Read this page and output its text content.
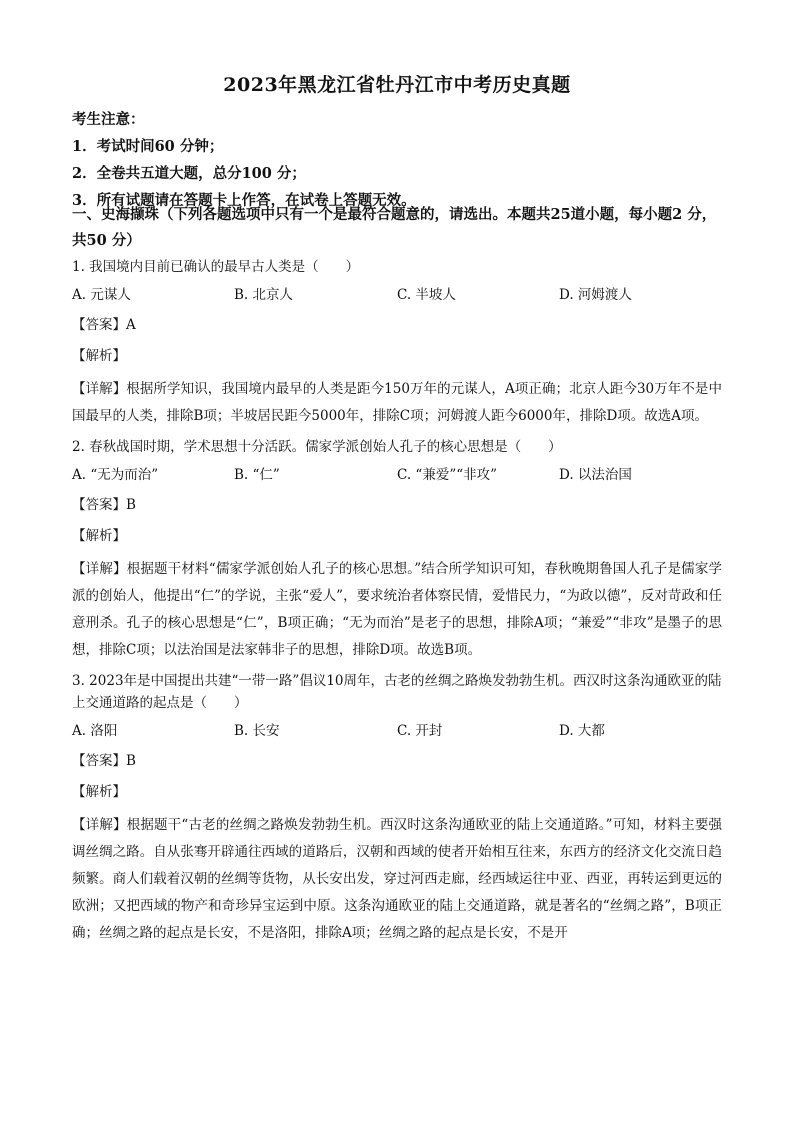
2023年黑龙江省牡丹江市中考历史真题
考生注意：
1．考试时间60 分钟；
2．全卷共五道大题，总分100 分；
3．所有试题请在答题卡上作答，在试卷上答题无效。
一、史海撷珠（下列各题选项中只有一个是最符合题意的，请选出。本题共25道小题，每小题2 分，共50 分）
1. 我国境内目前已确认的最早古人类是（　　）
A. 元谋人	B. 北京人	C. 半坡人	D. 河姆渡人
【答案】A
【解析】
【详解】根据所学知识，我国境内最早的人类是距今150万年的元谋人，A项正确；北京人距今30万年不是中国最早的人类，排除B项；半坡居民距今5000年，排除C项；河姆渡人距今6000年，排除D项。故选A项。
2. 春秋战国时期，学术思想十分活跃。儒家学派创始人孔子的核心思想是（　　）
A. “无为而治”	B. “仁”	C. “兼爱”“非攻”	D. 以法治国
【答案】B
【解析】
【详解】根据题干材料“儒家学派创始人孔子的核心思想。”结合所学知识可知，春秋晚期鲁国人孔子是儒家学派的创始人，他提出“仁”的学说，主张“爱人”，要求统治者体察民情，爱惜民力，“为政以德”，反对苛政和任意刑杀。孔子的核心思想是“仁”，B项正确；“无为而治”是老子的思想，排除A项；“兼爱”“非攻”是墨子的思想，排除C项；以法治国是法家韩非子的思想，排除D项。故选B项。
3. 2023年是中国提出共建“一带一路”倡议10周年，古老的丝绸之路焕发勃勃生机。西汉时这条沟通欧亚的陆上交通道路的起点是（　　）
A. 洛阳	B. 长安	C. 开封	D. 大都
【答案】B
【解析】
【详解】根据题干“古老的丝绸之路焕发勃勃生机。西汉时这条沟通欧亚的陆上交通道路。”可知，材料主要强调丝绸之路。自从张骞开辟通往西域的道路后，汉朝和西域的使者开始相互往来，东西方的经济文化交流日趋频繁。商人们载着汉朝的丝绸等货物，从长安出发，穿过河西走廊，经西域运往中亚、西亚，再转运到更远的欧洲；又把西域的物产和奇珍异宝运到中原。这条沟通欧亚的陆上交通道路，就是著名的“丝绸之路”，B项正确；丝绸之路的起点是长安，不是洛阳，排除A项；丝绸之路的起点是长安，不是开
